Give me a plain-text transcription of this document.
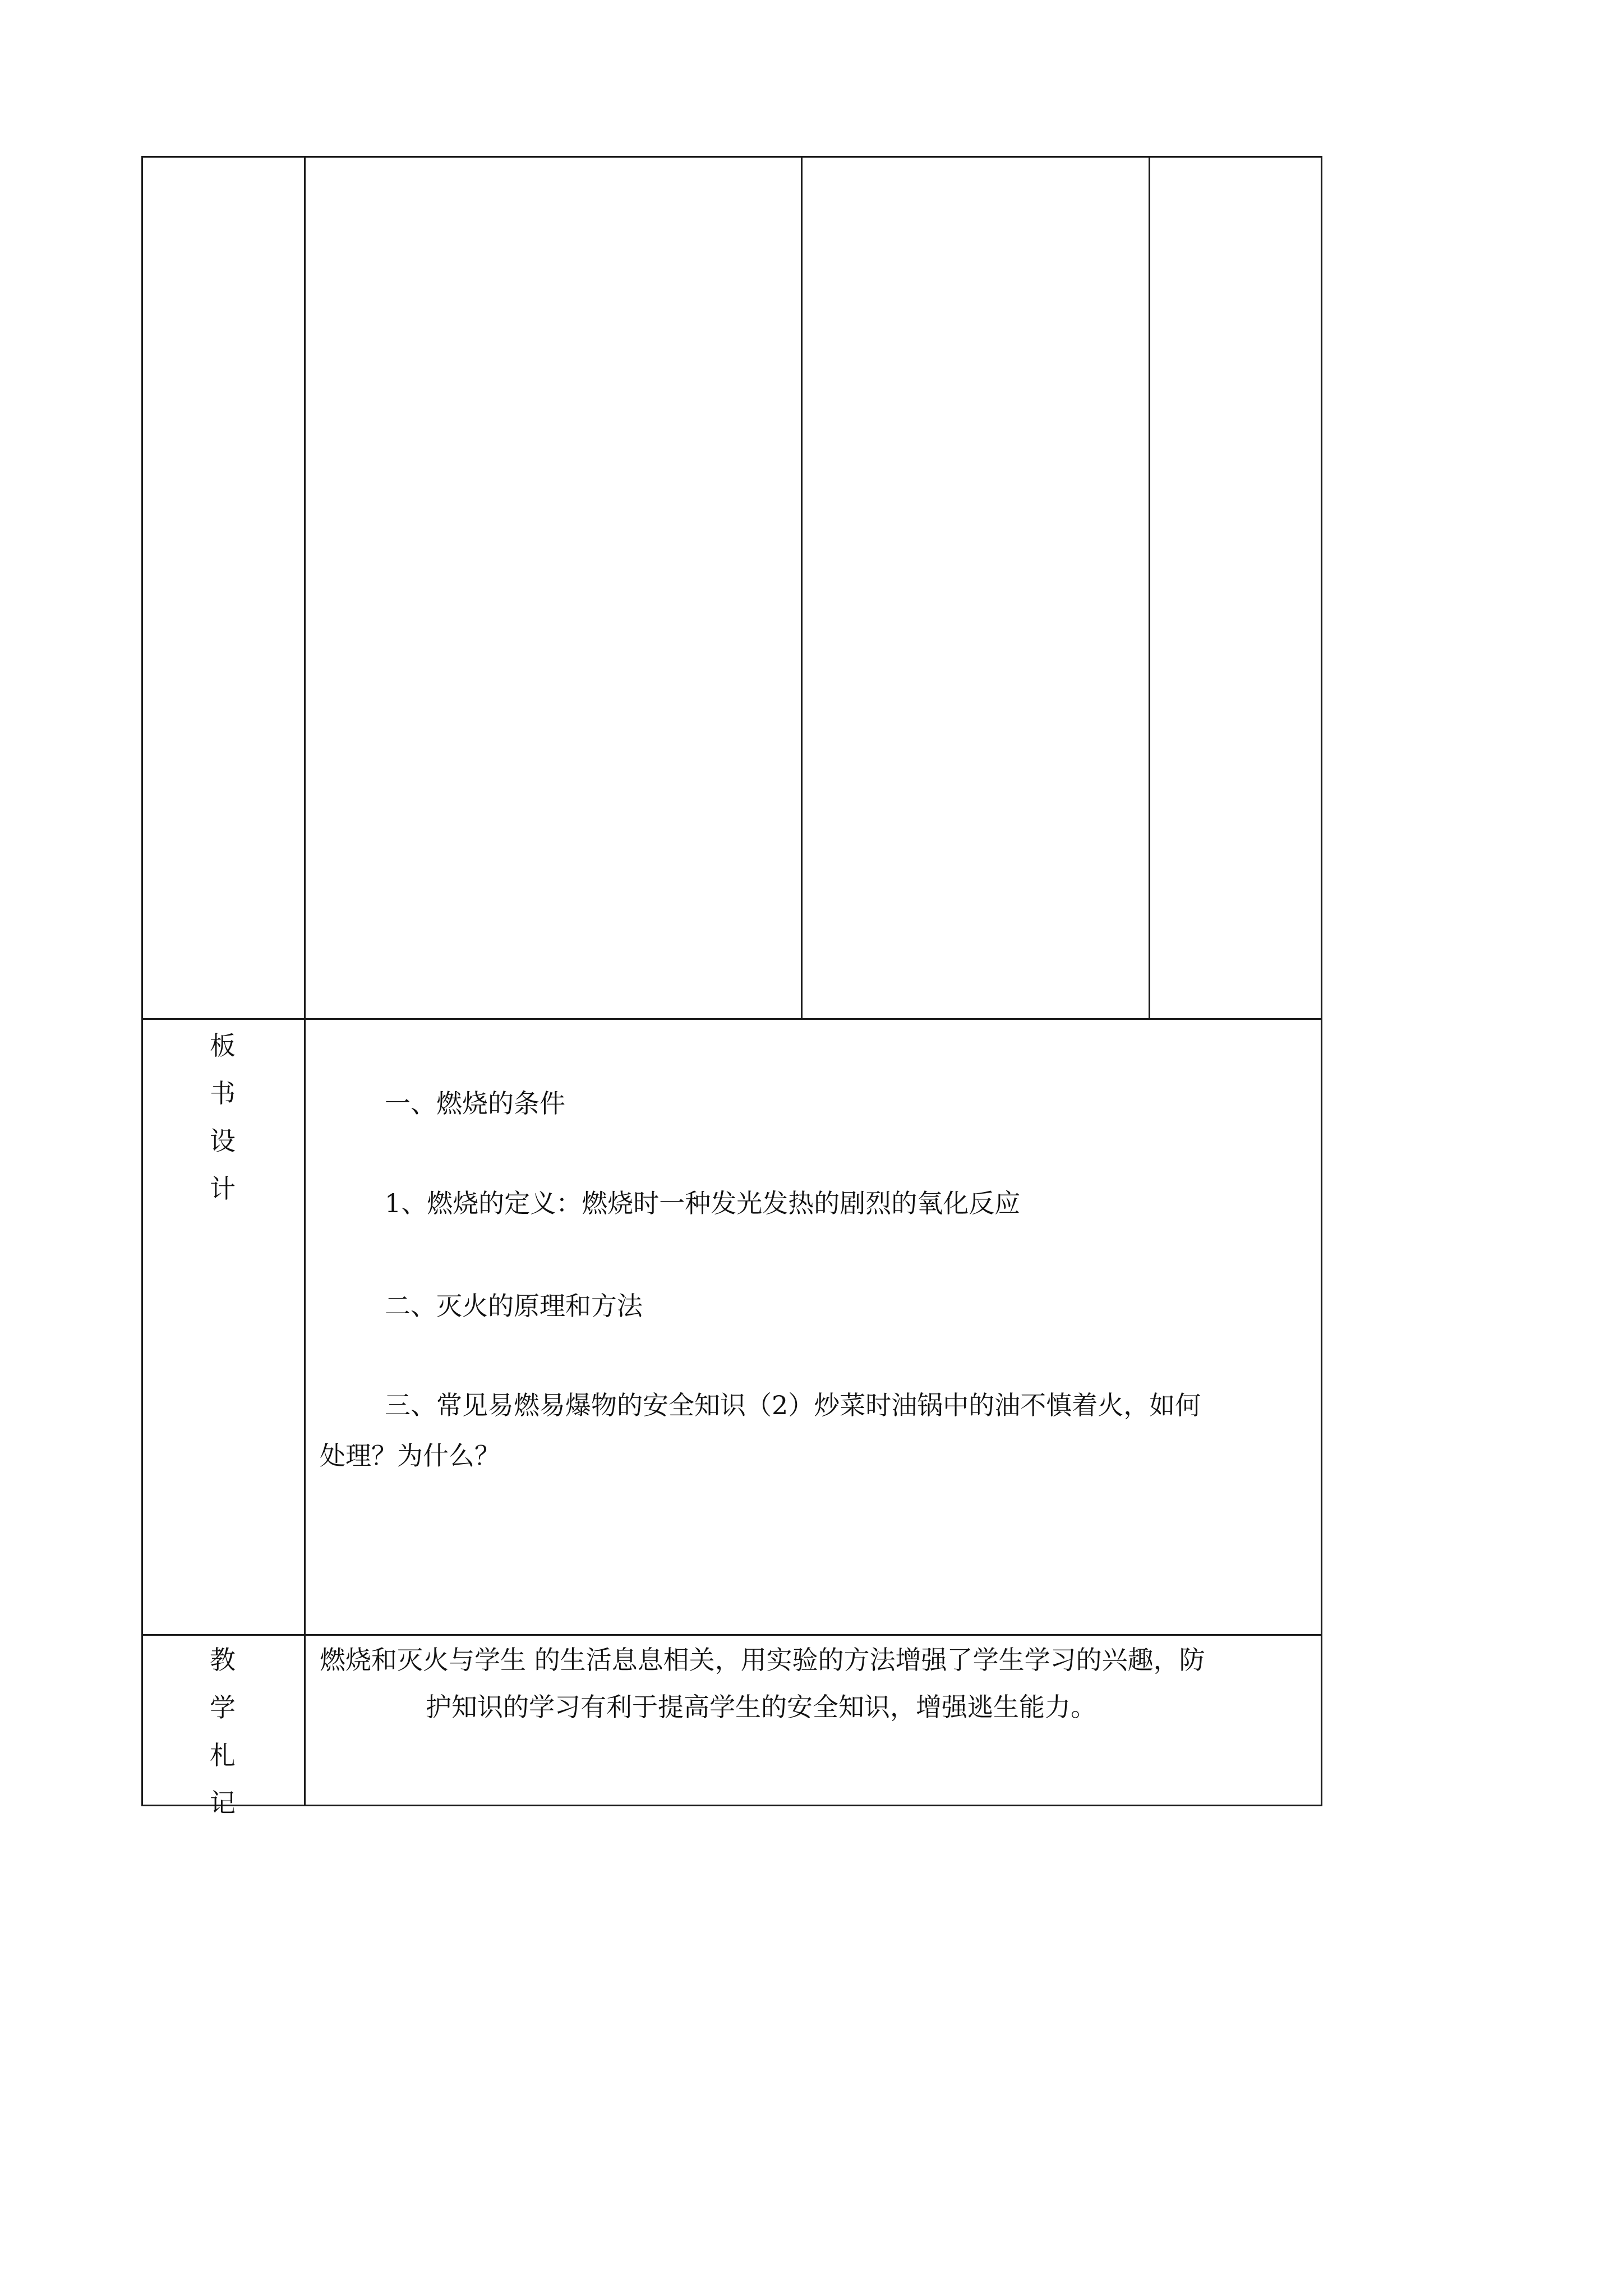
板
书
设
计
一、燃烧的条件
1、燃烧的定义：燃烧时一种发光发热的剧烈的氧化反应
二、灭火的原理和方法
三、常见易燃易爆物的安全知识（2）炒菜时油锅中的油不慎着火，如何
处理？为什么？
教
学
札
记
燃烧和灭火与学生 的生活息息相关，用实验的方法增强了学生学习的兴趣，防
护知识的学习有利于提高学生的安全知识，增强逃生能力。
